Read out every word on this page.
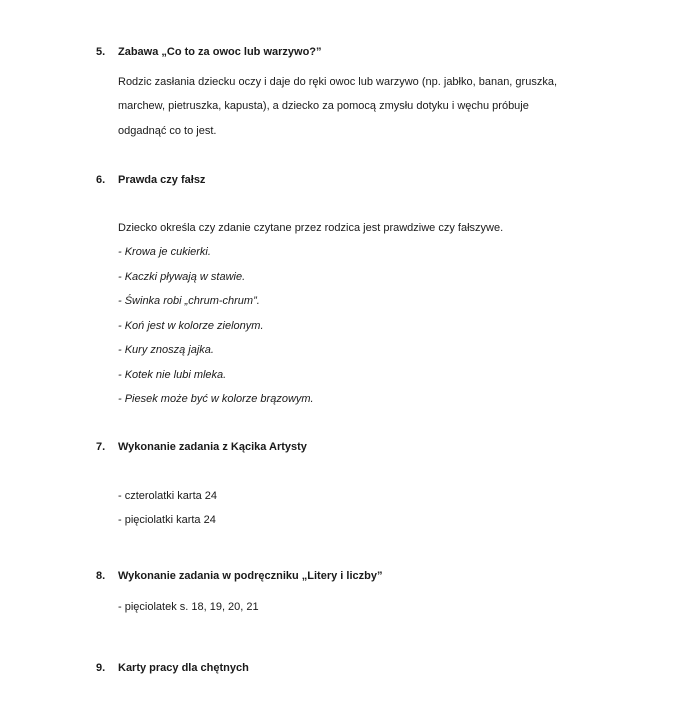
5. Zabawa „Co to za owoc lub warzywo?”
Rodzic zasłania dziecku oczy i daje do ręki owoc lub warzywo (np. jabłko, banan, gruszka,
marchew, pietruszka, kapusta), a dziecko za pomocą zmysłu dotyku i węchu próbuje
odgadnąć co to jest.
6. Prawda czy fałsz
Dziecko określa czy zdanie czytane przez rodzica jest prawdziwe czy fałszywe.
- Krowa je cukierki.
- Kaczki pływają w stawie.
- Świnka robi „chrum-chrum”.
- Koń jest w kolorze zielonym.
- Kury znoszą jajka.
- Kotek nie lubi mleka.
- Piesek może być w kolorze brązowym.
7. Wykonanie zadania z Kącika Artysty
- czterolatki karta 24
- pięciolatki karta 24
8. Wykonanie zadania w podręczniku „Litery i liczby”
- pięciolatek s. 18, 19, 20, 21
9. Karty pracy dla chętnych
